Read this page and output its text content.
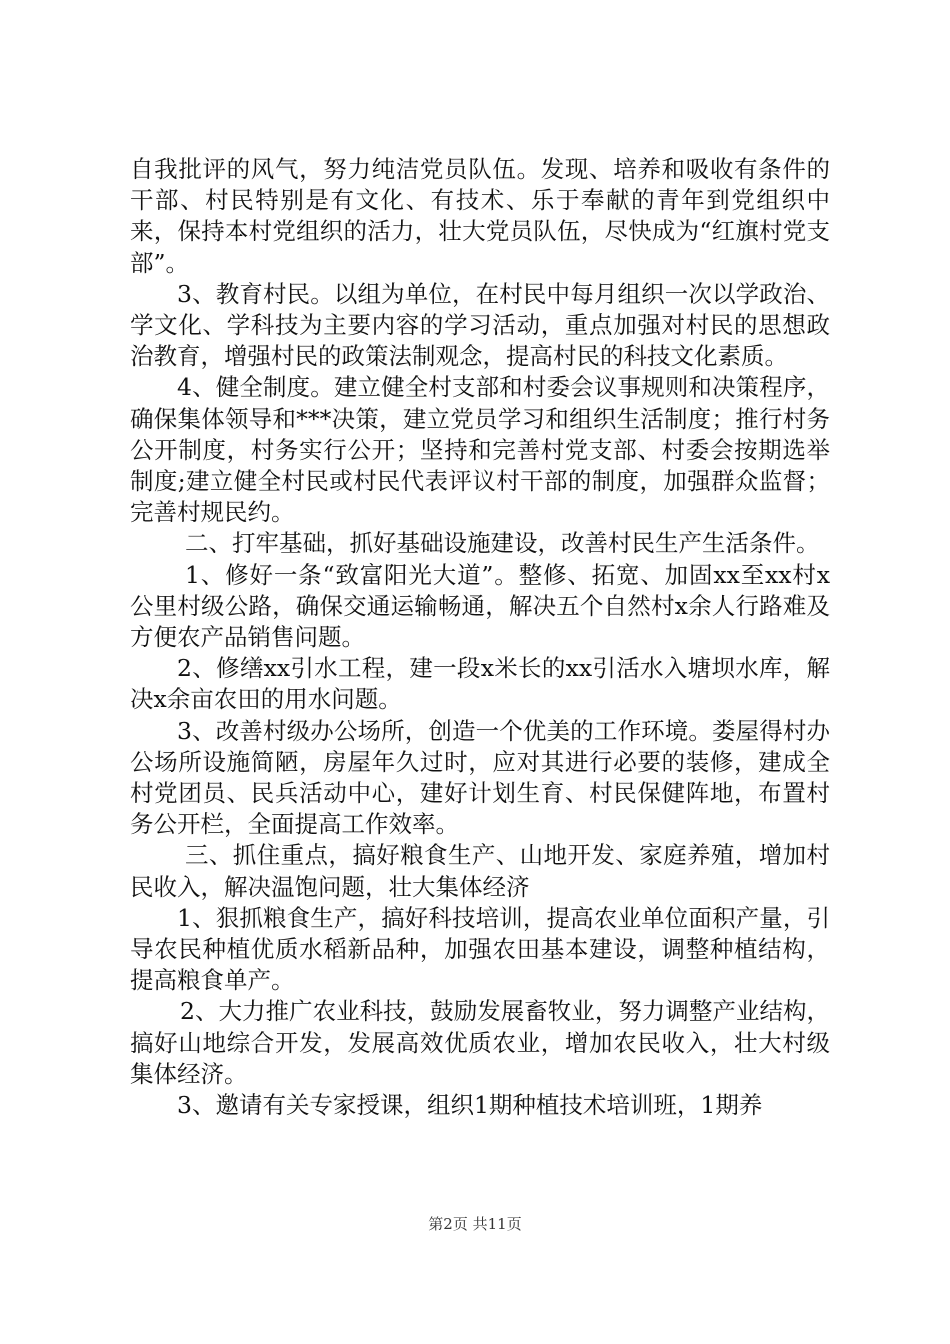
自我批评的风气，努力纯洁党员队伍。发现、培养和吸收有条件的干部、村民特别是有文化、有技术、乐于奉献的青年到党组织中来，保持本村党组织的活力，壮大党员队伍，尽快成为“红旗村党支部”。

3、教育村民。以组为单位，在村民中每月组织一次以学政治、学文化、学科技为主要内容的学习活动，重点加强对村民的思想政治教育，增强村民的政策法制观念，提高村民的科技文化素质。

4、健全制度。建立健全村支部和村委会议事规则和决策程序，确保集体领导和***决策，建立党员学习和组织生活制度；推行村务公开制度，村务实行公开；坚持和完善村党支部、村委会按期选举制度;建立健全村民或村民代表评议村干部的制度，加强群众监督；完善村规民约。

二、打牢基础，抓好基础设施建设，改善村民生产生活条件。

1、修好一条“致富阳光大道”。整修、拓宽、加固xx至xx村x公里村级公路，确保交通运输畅通，解决五个自然村x余人行路难及方便农产品销售问题。

2、修缮xx引水工程，建一段x米长的xx引活水入塘坝水库，解决x余亩农田的用水问题。

3、改善村级办公场所，创造一个优美的工作环境。娄屋得村办公场所设施简陋，房屋年久过时，应对其进行必要的装修，建成全村党团员、民兵活动中心，建好计划生育、村民保健阵地，布置村务公开栏，全面提高工作效率。

三、抓住重点，搞好粮食生产、山地开发、家庭养殖，增加村民收入，解决温饱问题，壮大集体经济

1、狠抓粮食生产，搞好科技培训，提高农业单位面积产量，引导农民种植优质水稻新品种，加强农田基本建设，调整种植结构，提高粮食单产。

2、大力推广农业科技，鼓励发展畜牧业，努力调整产业结构，搞好山地综合开发，发展高效优质农业，增加农民收入，壮大村级集体经济。

3、邀请有关专家授课，组织1期种植技术培训班，1期养

第2页 共11页
